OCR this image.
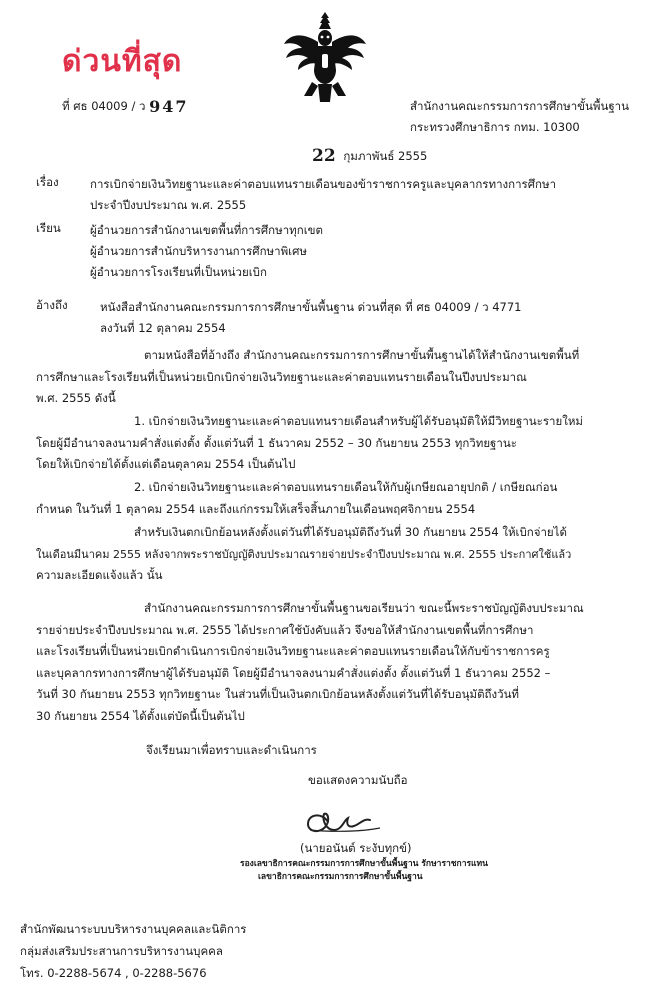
ด่วนที่สุด
ที่ ศธ 04009 / ว 947	สำนักงานคณะกรรมการการศึกษาขั้นพื้นฐาน
กระทรวงศึกษาธิการ กทม. 10300
22 กุมภาพันธ์ 2555
เรื่อง	การเบิกจ่ายเงินวิทยฐานะและค่าตอบแทนรายเดือนของข้าราชการครูและบุคลากรทางการศึกษา
ประจำปีงบประมาณ พ.ศ. 2555
เรียน	ผู้อำนวยการสำนักงานเขตพื้นที่การศึกษาทุกเขต
ผู้อำนวยการสำนักบริหารงานการศึกษาพิเศษ
ผู้อำนวยการโรงเรียนที่เป็นหน่วยเบิก
อ้างถึง	หนังสือสำนักงานคณะกรรมการการศึกษาขั้นพื้นฐาน ด่วนที่สุด ที่ ศธ 04009 / ว 4771
ลงวันที่ 12 ตุลาคม 2554
ตามหนังสือที่อ้างถึง สำนักงานคณะกรรมการการศึกษาขั้นพื้นฐานได้ให้สำนักงานเขตพื้นที่
การศึกษาและโรงเรียนที่เป็นหน่วยเบิกเบิกจ่ายเงินวิทยฐานะและค่าตอบแทนรายเดือนในปีงบประมาณ
พ.ศ. 2555 ดังนี้
1. เบิกจ่ายเงินวิทยฐานะและค่าตอบแทนรายเดือนสำหรับผู้ได้รับอนุมัติให้มีวิทยฐานะรายใหม่
โดยผู้มีอำนาจลงนามคำสั่งแต่งตั้ง ตั้งแต่วันที่ 1 ธันวาคม 2552 – 30 กันยายน 2553 ทุกวิทยฐานะ
โดยให้เบิกจ่ายได้ตั้งแต่เดือนตุลาคม 2554 เป็นต้นไป
2. เบิกจ่ายเงินวิทยฐานะและค่าตอบแทนรายเดือนให้กับผู้เกษียณอายุปกติ / เกษียณก่อน
กำหนด ในวันที่ 1 ตุลาคม 2554 และถึงแก่กรรมให้เสร็จสิ้นภายในเดือนพฤศจิกายน 2554
สำหรับเงินตกเบิกย้อนหลังตั้งแต่วันที่ได้รับอนุมัติถึงวันที่ 30 กันยายน 2554 ให้เบิกจ่ายได้
ในเดือนมีนาคม 2555 หลังจากพระราชบัญญัติงบประมาณรายจ่ายประจำปีงบประมาณ พ.ศ. 2555 ประกาศใช้แล้ว
ความละเอียดแจ้งแล้ว นั้น
สำนักงานคณะกรรมการการศึกษาขั้นพื้นฐานขอเรียนว่า ขณะนี้พระราชบัญญัติงบประมาณ
รายจ่ายประจำปีงบประมาณ พ.ศ. 2555 ได้ประกาศใช้บังคับแล้ว จึงขอให้สำนักงานเขตพื้นที่การศึกษา
และโรงเรียนที่เป็นหน่วยเบิกดำเนินการเบิกจ่ายเงินวิทยฐานะและค่าตอบแทนรายเดือนให้กับข้าราชการครู
และบุคลากรทางการศึกษาผู้ได้รับอนุมัติ โดยผู้มีอำนาจลงนามคำสั่งแต่งตั้ง ตั้งแต่วันที่ 1 ธันวาคม 2552 –
วันที่ 30 กันยายน 2553 ทุกวิทยฐานะ ในส่วนที่เป็นเงินตกเบิกย้อนหลังตั้งแต่วันที่ได้รับอนุมัติถึงวันที่
30 กันยายน 2554 ได้ตั้งแต่บัดนี้เป็นต้นไป
จึงเรียนมาเพื่อทราบและดำเนินการ
ขอแสดงความนับถือ
(นายอนันต์ ระงับทุกข์)
รองเลขาธิการคณะกรรมการการศึกษาขั้นพื้นฐาน รักษาราชการแทน
เลขาธิการคณะกรรมการการศึกษาขั้นพื้นฐาน
สำนักพัฒนาระบบบริหารงานบุคคลและนิติการ
กลุ่มส่งเสริมประสานการบริหารงานบุคคล
โทร. 0-2288-5674 , 0-2288-5676
